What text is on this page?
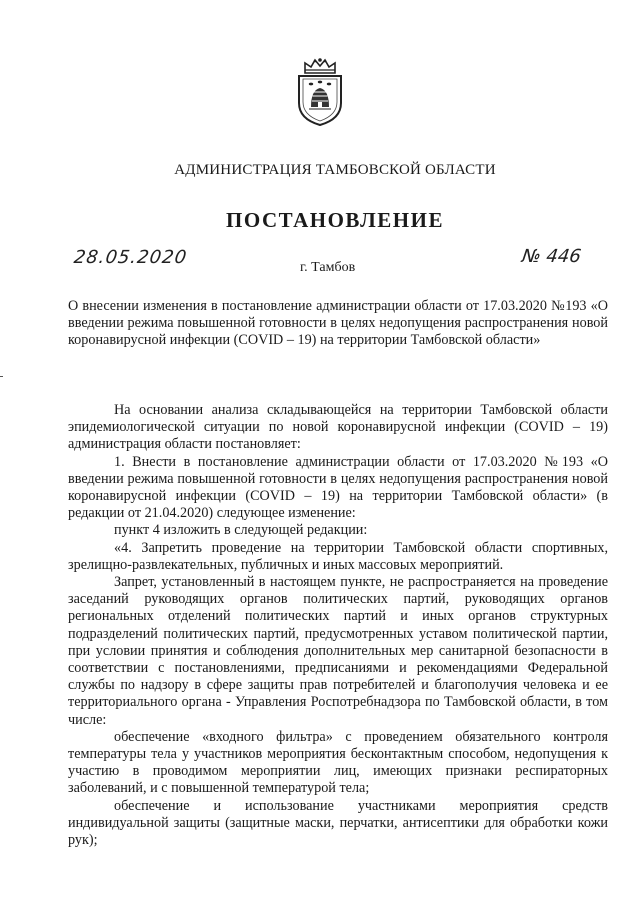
АДМИНИСТРАЦИЯ ТАМБОВСКОЙ ОБЛАСТИ
ПОСТАНОВЛЕНИЕ
28.05.2020	г. Тамбов
№ 446
О внесении изменения в постановление администрации области от 17.03.2020 №193 «О введении режима повышенной готовности в целях недопущения распространения новой коронавирусной инфекции (COVID – 19) на территории Тамбовской области»

На основании анализа складывающейся на территории Тамбовской области эпидемиологической ситуации по новой коронавирусной инфекции (COVID – 19) администрация области постановляет:

1. Внести в постановление администрации области от 17.03.2020 №193 «О введении режима повышенной готовности в целях недопущения распространения новой коронавирусной инфекции (COVID – 19) на территории Тамбовской области» (в редакции от 21.04.2020) следующее изменение:

пункт 4 изложить в следующей редакции:

«4. Запретить проведение на территории Тамбовской области спортивных, зрелищно-развлекательных, публичных и иных массовых мероприятий.

Запрет, установленный в настоящем пункте, не распространяется на проведение заседаний руководящих органов политических партий, руководящих органов региональных отделений политических партий и иных органов структурных подразделений политических партий, предусмотренных уставом политической партии, при условии принятия и соблюдения дополнительных мер санитарной безопасности в соответствии с постановлениями, предписаниями и рекомендациями Федеральной службы по надзору в сфере защиты прав потребителей и благополучия человека и ее территориального органа - Управления Роспотребнадзора по Тамбовской области, в том числе:

обеспечение «входного фильтра» с проведением обязательного контроля температуры тела у участников мероприятия бесконтактным способом, недопущения к участию в проводимом мероприятии лиц, имеющих признаки респираторных заболеваний, и с повышенной температурой тела;

обеспечение и использование участниками мероприятия средств индивидуальной защиты (защитные маски, перчатки, антисептики для обработки кожи рук);
